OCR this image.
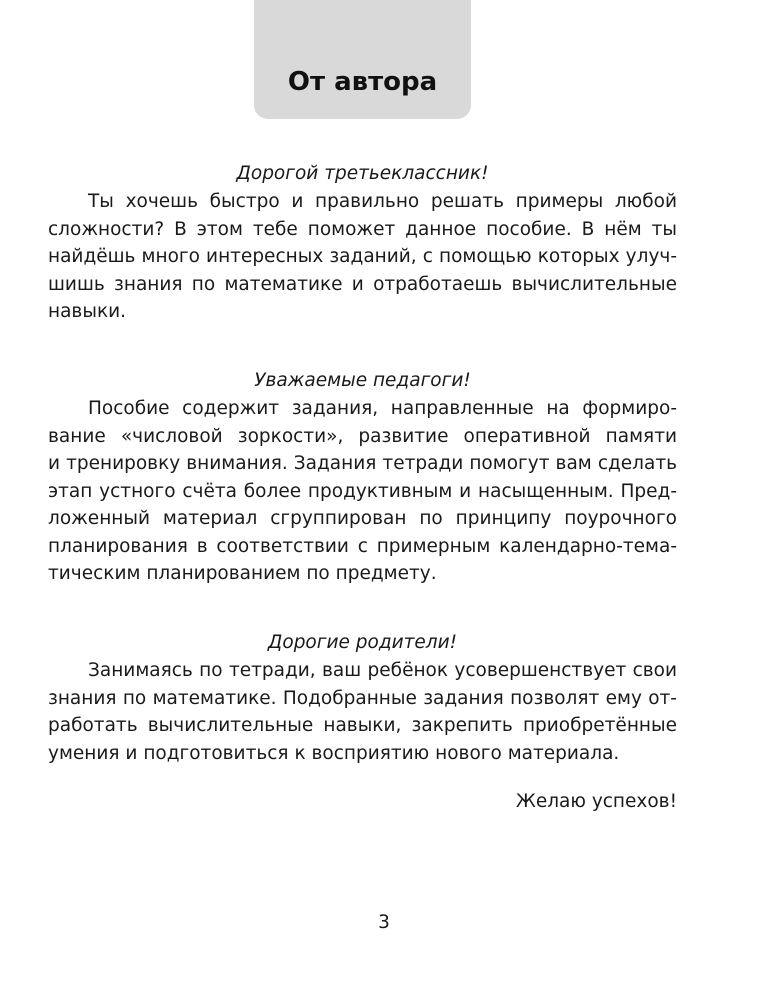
От автора

Дорогой третьеклассник!

Ты хочешь быстро и правильно решать примеры любой
сложности? В этом тебе поможет данное пособие. В нём ты
найдёшь много интересных заданий, с помощью которых улуч-
шишь знания по математике и отработаешь вычислительные
навыки.

Уважаемые педагоги!

Пособие содержит задания, направленные на формиро-
вание «числовой зоркости», развитие оперативной памяти
и тренировку внимания. Задания тетради помогут вам сделать
этап устного счёта более продуктивным и насыщенным. Пред-
ложенный материал сгруппирован по принципу поурочного
планирования в соответствии с примерным календарно-тема-
тическим планированием по предмету.

Дорогие родители!

Занимаясь по тетради, ваш ребёнок усовершенствует свои
знания по математике. Подобранные задания позволят ему от-
работать вычислительные навыки, закрепить приобретённые
умения и подготовиться к восприятию нового материала.

Желаю успехов!

3
